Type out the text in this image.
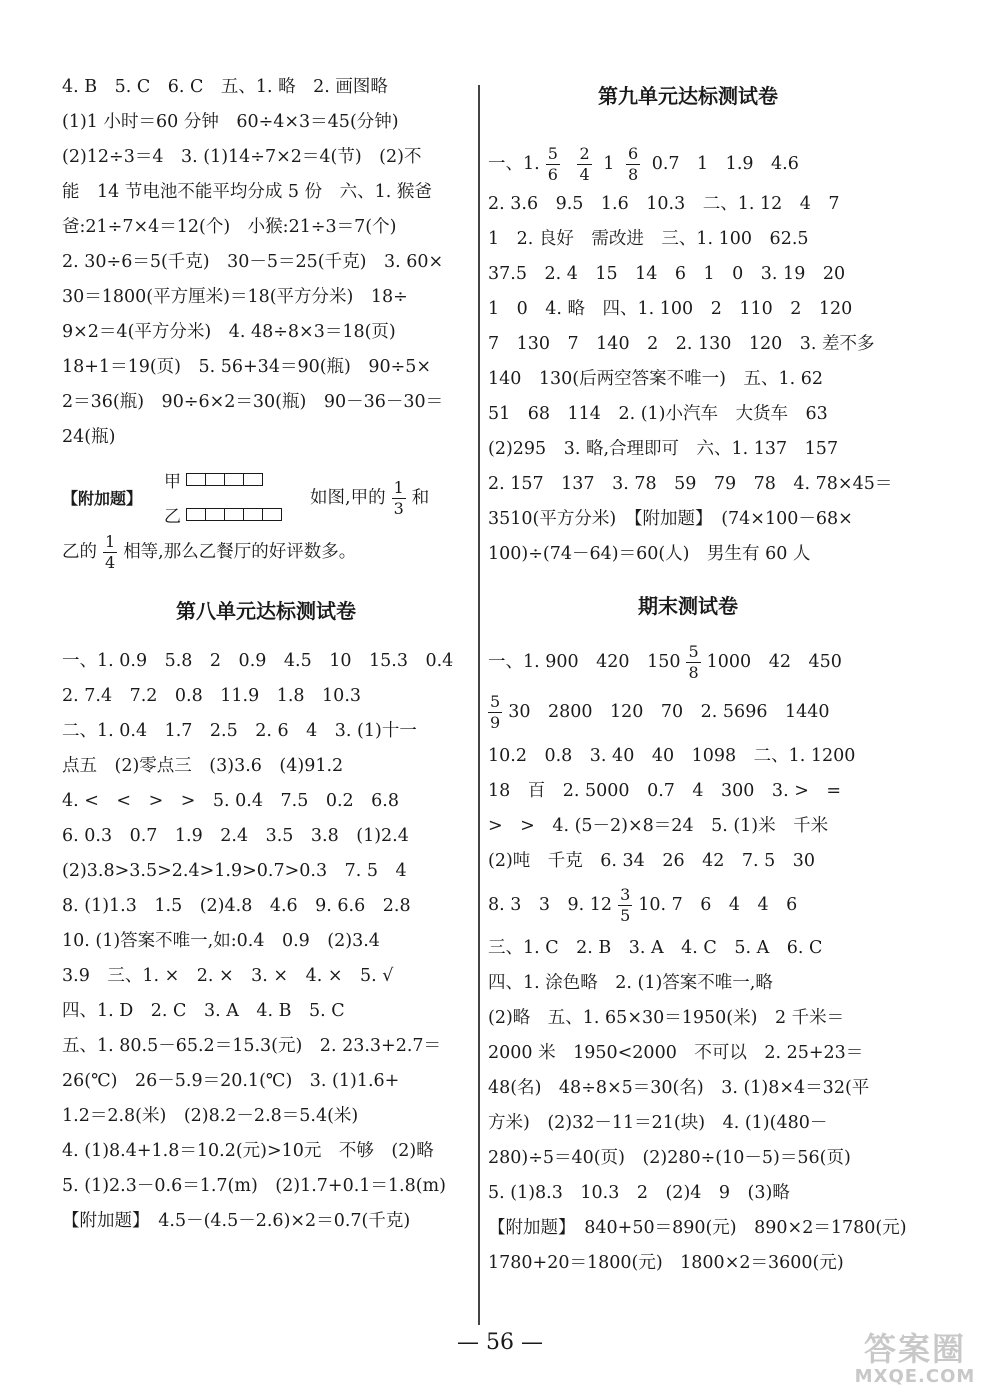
4. B　5. C　6. C　五、1. 略　2. 画图略
(1)1 小时＝60 分钟　60÷4×3＝45(分钟)
(2)12÷3＝4　3. (1)14÷7×2＝4(节)　(2)不
能　14 节电池不能平均分成 5 份　六、1. 猴爸
爸:21÷7×4＝12(个)　小猴:21÷3＝7(个)
2. 30÷6＝5(千克)　30－5＝25(千克)　3. 60×
30＝1800(平方厘米)＝18(平方分米)　18÷
9×2＝4(平方分米)　4. 48÷8×3＝18(页)
18+1＝19(页)　5. 56+34＝90(瓶)　90÷5×
2＝36(瓶)　90÷6×2＝30(瓶)　90－36－30＝
24(瓶)
【附加题】
甲
乙
如图,甲的 $\frac{1}{3}$ 和
乙的 $\frac{1}{4}$ 相等,那么乙餐厅的好评数多。
第八单元达标测试卷
一、1. 0.9　5.8　2　0.9　4.5　10　15.3　0.4
2. 7.4　7.2　0.8　11.9　1.8　10.3
二、1. 0.4　1.7　2.5　2. 6　4　3. (1)十一
点五　(2)零点三　(3)3.6　(4)91.2
4. <　<　>　>　5. 0.4　7.5　0.2　6.8
6. 0.3　0.7　1.9　2.4　3.5　3.8　(1)2.4
(2)3.8>3.5>2.4>1.9>0.7>0.3　7. 5　4
8. (1)1.3　1.5　(2)4.8　4.6　9. 6.6　2.8
10. (1)答案不唯一,如:0.4　0.9　(2)3.4
3.9　三、1. ×　2. ×　3. ×　4. ×　5. √
四、1. D　2. C　3. A　4. B　5. C
五、1. 80.5－65.2＝15.3(元)　2. 23.3+2.7＝
26(℃)　26－5.9＝20.1(℃)　3. (1)1.6+
1.2＝2.8(米)　(2)8.2－2.8＝5.4(米)
4. (1)8.4+1.8＝10.2(元)>10元　不够　(2)略
5. (1)2.3－0.6＝1.7(m)　(2)1.7+0.1＝1.8(m)
【附加题】　4.5－(4.5－2.6)×2＝0.7(千克)
第九单元达标测试卷
一、1. $\frac{5}{6}$
$\frac{2}{4} 1 \frac{6}{8} 0.7$　1　1.9　4.6
2. 3.6　9.5　1.6　10.3　二、1. 12　4　7
1　2. 良好　需改进　三、1. 100　62.5
37.5　2. 4　15　14　6　1　0　3. 19　20
1　0　4. 略　四、1. 100　2　110　2　120
7　130　7　140　2　2. 130　120　3. 差不多
140　130(后两空答案不唯一)　五、1. 62
51　68　114　2. (1)小汽车　大货车　63
(2)295　3. 略,合理即可　六、1. 137　157
2. 157　137　3. 78　59　79　78　4. 78×45＝
3510(平方分米)　【附加题】　(74×100－68×
100)÷(74－64)＝60(人)　男生有 60 人
期末测试卷
一、1. 900　420　$150 \frac{5}{8} 1000$　42　450
$\frac{5}{9} 30$　2800　120　70　2. 5696　1440
10.2　0.8　3. 40　40　1098　二、1. 1200
18　百　2. 5000　0.7　4　300　3. >　=
>　>　4. (5－2)×8＝24　5. (1)米　千米
(2)吨　千克　6. 34　26　42　7. 5　30
8. 3　3　9. $12 \frac{3}{5} 10$. 7　6　4　4　6
三、1. C　2. B　3. A　4. C　5. A　6. C
四、1. 涂色略　2. (1)答案不唯一,略
(2)略　五、1. 65×30＝1950(米)　2 千米＝
2000 米　1950<2000　不可以　2. 25+23＝
48(名)　48÷8×5＝30(名)　3. (1)8×4＝32(平
方米)　(2)32－11＝21(块)　4. (1)(480－
280)÷5＝40(页)　(2)280÷(10－5)＝56(页)
5. (1)8.3　10.3　2　(2)4　9　(3)略
【附加题】　840+50＝890(元)　890×2＝1780(元)
1780+20＝1800(元)　1800×2＝3600(元)
— 56 —	答案圈
MXQE.COM
